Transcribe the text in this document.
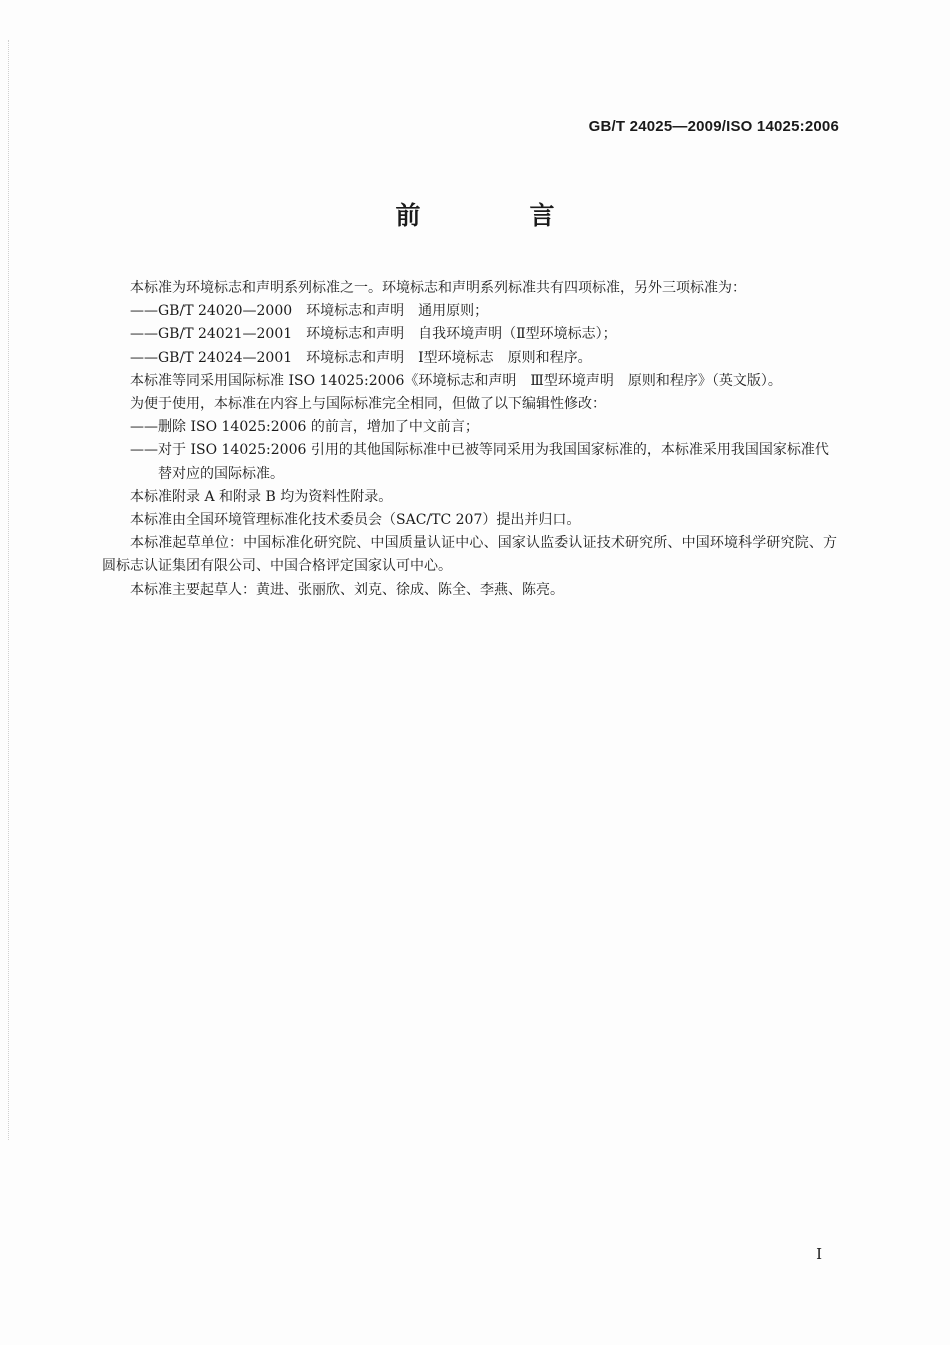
GB/T 24025—2009/ISO 14025:2006
前　言

本标准为环境标志和声明系列标准之一。环境标志和声明系列标准共有四项标准，另外三项标准为：

——GB/T 24020—2000　环境标志和声明　通用原则；

——GB/T 24021—2001　环境标志和声明　自我环境声明（Ⅱ型环境标志）；

——GB/T 24024—2001　环境标志和声明　Ⅰ型环境标志　原则和程序。

本标准等同采用国际标准 ISO 14025:2006《环境标志和声明　Ⅲ型环境声明　原则和程序》（英文版）。

为便于使用，本标准在内容上与国际标准完全相同，但做了以下编辑性修改：

——删除 ISO 14025:2006 的前言，增加了中文前言；

——对于 ISO 14025:2006 引用的其他国际标准中已被等同采用为我国国家标准的，本标准采用我国国家标准代替对应的国际标准。

本标准附录 A 和附录 B 均为资料性附录。

本标准由全国环境管理标准化技术委员会（SAC/TC 207）提出并归口。

本标准起草单位：中国标准化研究院、中国质量认证中心、国家认监委认证技术研究所、中国环境科学研究院、方圆标志认证集团有限公司、中国合格评定国家认可中心。

本标准主要起草人：黄进、张丽欣、刘克、徐成、陈全、李燕、陈亮。

Ⅰ
